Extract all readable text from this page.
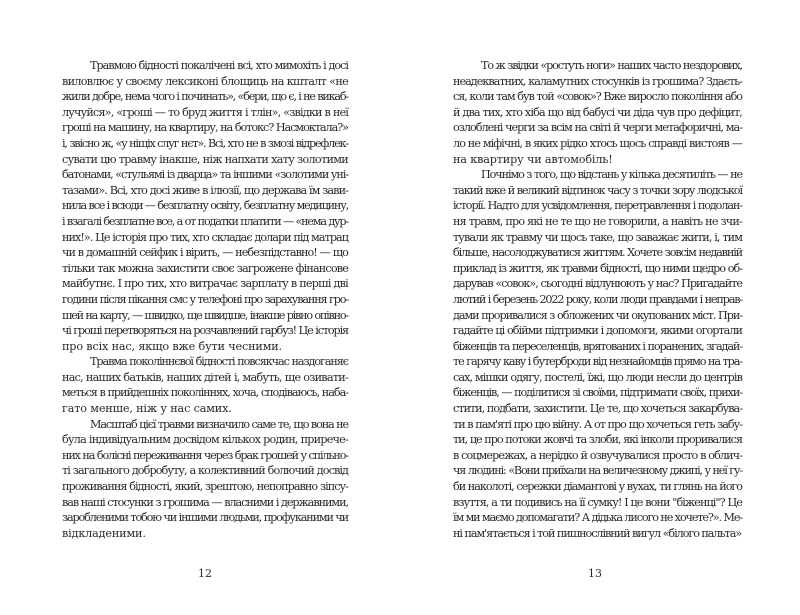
Травмою бідності покалічені всі, хто мимохіть і досі
виловлює у своєму лексиконі блощиць на кшталт «не
жили добре, нема чого і починать», «бери, що є, і не викаб-
лучуйся», «гроші — то бруд життя і тлін», «звідки в неї
гроші на машину, на квартиру, на ботокс? Насмоктала?»
і, звісно ж, «у ніщіх слуг нєт». Всі, хто не в змозі відрефлек-
сувати цю травму інакше, ніж напхати хату золотими
батонами, «стульямі із дварца» та іншими «золотими уні-
тазами». Всі, хто досі живе в ілюзії, що держава їм зави-
нила все і всюди — безплатну освіту, безплатну медицину,
і взагалі безплатне все, а от податки платити — «нема дур-
них!». Це історія про тих, хто складає долари під матрац
чи в домашній сейфик і вірить, — небезпідставно! — що
тільки так можна захистити своє загрожене фінансове
майбутнє. І про тих, хто витрачає зарплату в перші дві
години після пікання смс у телефоні про зарахування гро-
шей на карту, — швидко, ще швидше, інакше рівно опівно-
чі гроші перетворяться на розчавлений гарбуз! Це історія
про всіх нас, якщо вже бути чесними.
Травма поколіннєвої бідності повсякчас наздоганяє
нас, наших батьків, наших дітей і, мабуть, ще озивати-
меться в прийдешніх поколіннях, хоча, сподіваюсь, наба-
гато менше, ніж у нас самих.
Масштаб цієї травми визначило саме те, що вона не
була індивідуальним досвідом кількох родин, прирече-
них на болісні переживання через брак грошей у спільно-
ті загального добробуту, а колективний болючий досвід
проживання бідності, який, зрештою, непоправно зіпсу-
вав наші стосунки з грошима — власними і державними,
заробленими тобою чи іншими людьми, профуканими чи
відкладеними.
12
То ж звідки «ростуть ноги» наших часто нездорових,
неадекватних, каламутних стосунків із грошима? Здаєть-
ся, коли там був той «совок»? Вже виросло покоління або
й два тих, хто хіба що від бабусі чи діда чув про дефіцит,
озлоблені черги за всім на світі й черги метафоричні, ма-
ло не міфічні, в яких рідко хтось щось справді вистояв —
на квартиру чи автомобіль!
Почнімо з того, що відстань у кілька десятиліть — не
такий вже й великий відтинок часу з точки зору людської
історії. Надто для усвідомлення, перетравлення і подолан-
ня травм, про які не те що не говорили, а навіть не зчи-
тували як травму чи щось таке, що заважає жити, і, тим
більше, насолоджуватися життям. Хочете зовсім недавній
приклад із життя, як травми бідності, що ними щедро об-
дарував «совок», сьогодні відлунюють у нас? Пригадайте
лютий і березень 2022 року, коли люди правдами і неправ-
дами проривалися з обложених чи окупованих міст. При-
гадайте ці обійми підтримки і допомоги, якими огортали
біженців та переселенців, врятованих і поранених, згадай-
те гарячу каву і бутерброди від незнайомців прямо на тра-
сах, мішки одягу, постелі, їжі, що люди несли до центрів
біженців, — поділитися зі своїми, підтримати своїх, прихи-
стити, подбати, захистити. Це те, що хочеться закарбува-
ти в пам'яті про цю війну. А от про що хочеться геть забу-
ти, це про потоки жовчі та злоби, які інколи проривалися
в соцмережах, а нерідко й озвучувалися просто в облич-
чя людині: «Вони приїхали на величезному джипі, у неї гу-
би наколоті, сережки діамантові у вухах, ти глянь на його
взуття, а ти подивись на її сумку! І це вони "біженці"? Це
їм ми маємо допомагати? А дідька лисого не хочете?». Ме-
ні пам'ятається і той пишнослівний вигул «білого пальта»
13
